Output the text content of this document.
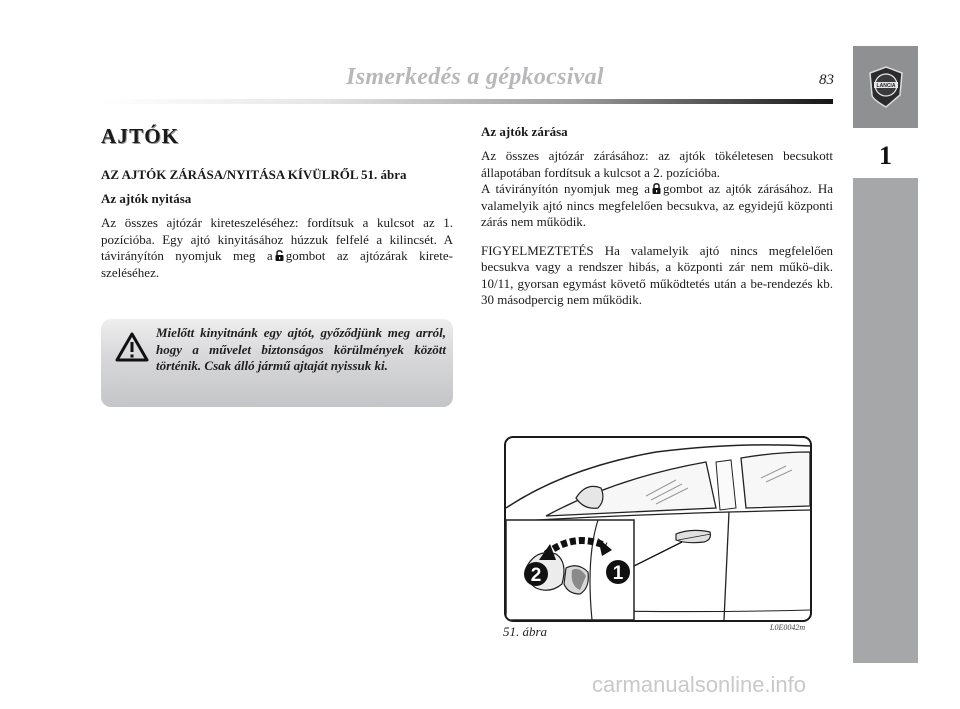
LANCIA
1
Ismerkedés a gépkocsival	83
AJTÓK
AZ AJTÓK ZÁRÁSA/NYITÁSA KÍVÜLRŐL 51. ábra
Az ajtók nyitása

Az összes ajtózár kireteszeléséhez: fordítsuk a kulcsot az 1. pozícióba. Egy ajtó kinyitásához húzzuk felfelé a kilincsét. A távirányítón nyomjuk meg a gombot az ajtózárak kirete-szeléséhez.

Mielőtt kinyitnánk egy ajtót, győződjünk meg arról, hogy a művelet biztonságos körülmények között történik. Csak álló jármű ajtaját nyissuk ki.
Az ajtók zárása

Az összes ajtózár zárásához: az ajtók tökéletesen becsukott állapotában fordítsuk a kulcsot a 2. pozícióba.

A távirányítón nyomjuk meg a gombot az ajtók zárásához. Ha valamelyik ajtó nincs megfelelően becsukva, az egyidejű központi zárás nem működik.

FIGYELMEZTETÉS Ha valamelyik ajtó nincs megfelelően becsukva vagy a rendszer hibás, a központi zár nem műkö-dik. 10/11, gyorsan egymást követő működtetés után a be-rendezés kb. 30 másodpercig nem működik.

2	1
51. ábra	L0E0042m
carmanualsonline.info
